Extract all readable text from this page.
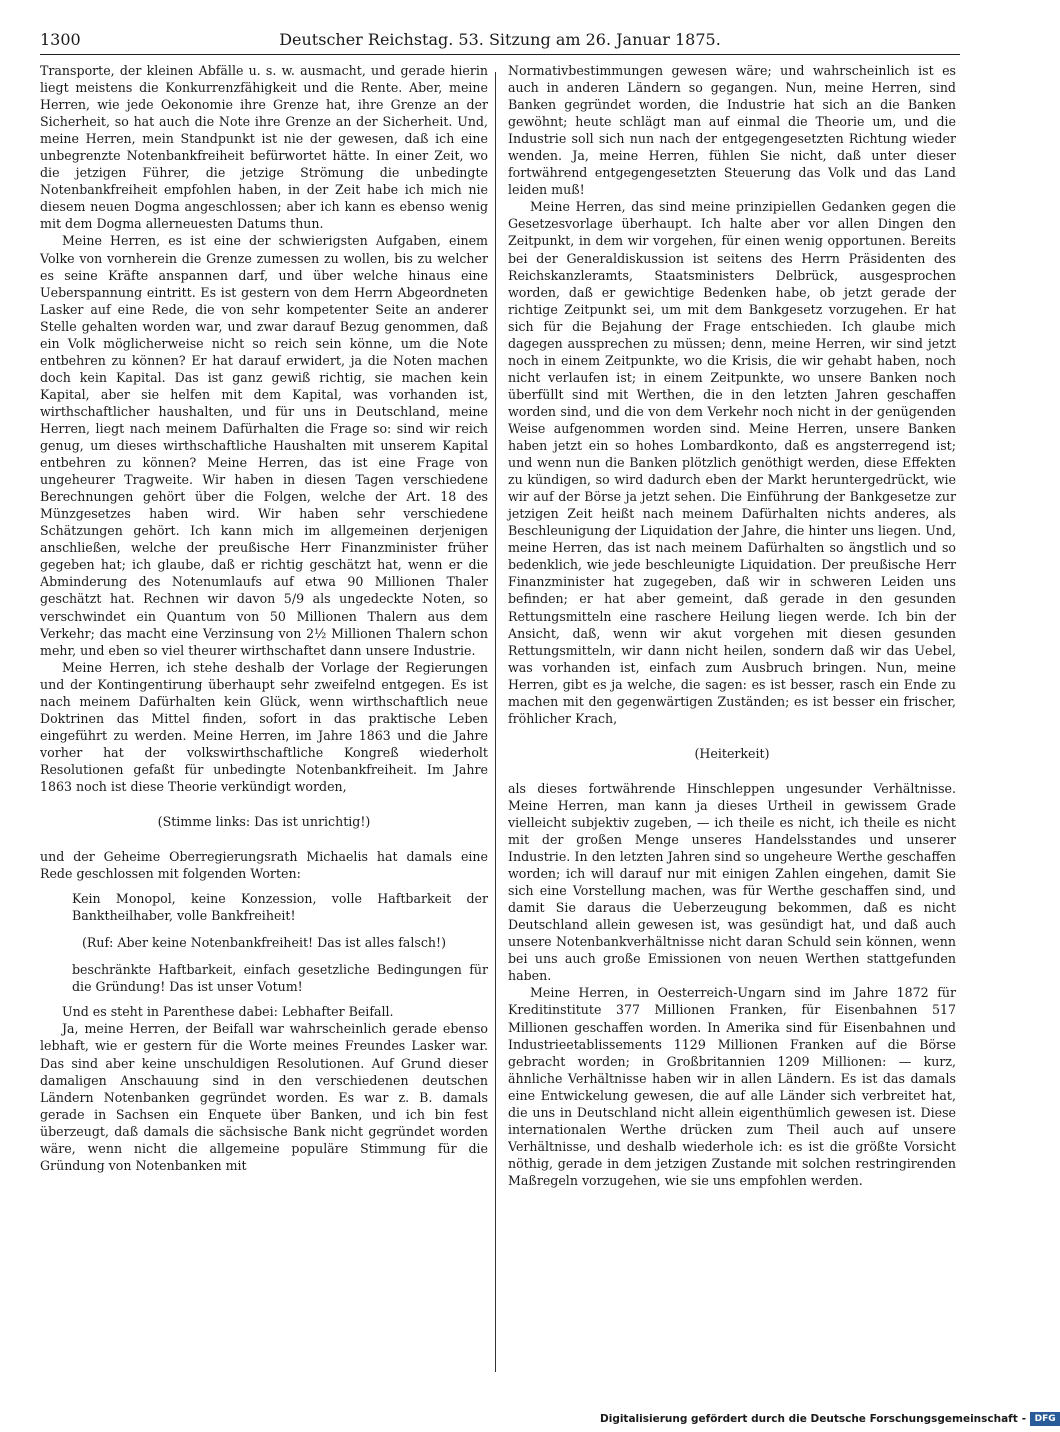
1300	Deutscher Reichstag. 53. Sitzung am 26. Januar 1875.

Transporte, der kleinen Abfälle u. s. w. ausmacht, und gerade hierin liegt meistens die Konkurrenzfähigkeit und die Rente. Aber, meine Herren, wie jede Oekonomie ihre Grenze hat, ihre Grenze an der Sicherheit, so hat auch die Note ihre Grenze an der Sicherheit. Und, meine Herren, mein Standpunkt ist nie der gewesen, daß ich eine unbegrenzte Notenbankfreiheit befürwortet hätte. In einer Zeit, wo die jetzigen Führer, die jetzige Strömung die unbedingte Notenbankfreiheit empfohlen haben, in der Zeit habe ich mich nie diesem neuen Dogma angeschlossen; aber ich kann es ebenso wenig mit dem Dogma allerneuesten Datums thun.

Meine Herren, es ist eine der schwierigsten Aufgaben, einem Volke von vornherein die Grenze zumessen zu wollen, bis zu welcher es seine Kräfte anspannen darf, und über welche hinaus eine Ueberspannung eintritt. Es ist gestern von dem Herrn Abgeordneten Lasker auf eine Rede, die von sehr kompetenter Seite an anderer Stelle gehalten worden war, und zwar darauf Bezug genommen, daß ein Volk möglicherweise nicht so reich sein könne, um die Note entbehren zu können? Er hat darauf erwidert, ja die Noten machen doch kein Kapital. Das ist ganz gewiß richtig, sie machen kein Kapital, aber sie helfen mit dem Kapital, was vorhanden ist, wirthschaftlicher haushalten, und für uns in Deutschland, meine Herren, liegt nach meinem Dafürhalten die Frage so: sind wir reich genug, um dieses wirthschaftliche Haushalten mit unserem Kapital entbehren zu können? Meine Herren, das ist eine Frage von ungeheurer Tragweite. Wir haben in diesen Tagen verschiedene Berechnungen gehört über die Folgen, welche der Art. 18 des Münzgesetzes haben wird. Wir haben sehr verschiedene Schätzungen gehört. Ich kann mich im allgemeinen derjenigen anschließen, welche der preußische Herr Finanzminister früher gegeben hat; ich glaube, daß er richtig geschätzt hat, wenn er die Abminderung des Notenumlaufs auf etwa 90 Millionen Thaler geschätzt hat. Rechnen wir davon 5/9 als ungedeckte Noten, so verschwindet ein Quantum von 50 Millionen Thalern aus dem Verkehr; das macht eine Verzinsung von 2½ Millionen Thalern schon mehr, und eben so viel theurer wirthschaftet dann unsere Industrie.

Meine Herren, ich stehe deshalb der Vorlage der Regierungen und der Kontingentirung überhaupt sehr zweifelnd entgegen. Es ist nach meinem Dafürhalten kein Glück, wenn wirthschaftlich neue Doktrinen das Mittel finden, sofort in das praktische Leben eingeführt zu werden. Meine Herren, im Jahre 1863 und die Jahre vorher hat der volkswirthschaftliche Kongreß wiederholt Resolutionen gefaßt für unbedingte Notenbankfreiheit. Im Jahre 1863 noch ist diese Theorie verkündigt worden,

(Stimme links: Das ist unrichtig!)

und der Geheime Oberregierungsrath Michaelis hat damals eine Rede geschlossen mit folgenden Worten:

Kein Monopol, keine Konzession, volle Haftbarkeit der Banktheilhaber, volle Bankfreiheit!

(Ruf: Aber keine Notenbankfreiheit! Das ist alles falsch!)

beschränkte Haftbarkeit, einfach gesetzliche Bedingungen für die Gründung! Das ist unser Votum!

Und es steht in Parenthese dabei: Lebhafter Beifall.

Ja, meine Herren, der Beifall war wahrscheinlich gerade ebenso lebhaft, wie er gestern für die Worte meines Freundes Lasker war. Das sind aber keine unschuldigen Resolutionen. Auf Grund dieser damaligen Anschauung sind in den verschiedenen deutschen Ländern Notenbanken gegründet worden. Es war z. B. damals gerade in Sachsen ein Enquete über Banken, und ich bin fest überzeugt, daß damals die sächsische Bank nicht gegründet worden wäre, wenn nicht die allgemeine populäre Stimmung für die Gründung von Notenbanken mit

Normativbestimmungen gewesen wäre; und wahrscheinlich ist es auch in anderen Ländern so gegangen. Nun, meine Herren, sind Banken gegründet worden, die Industrie hat sich an die Banken gewöhnt; heute schlägt man auf einmal die Theorie um, und die Industrie soll sich nun nach der entgegengesetzten Richtung wieder wenden. Ja, meine Herren, fühlen Sie nicht, daß unter dieser fortwährend entgegengesetzten Steuerung das Volk und das Land leiden muß!

Meine Herren, das sind meine prinzipiellen Gedanken gegen die Gesetzesvorlage überhaupt. Ich halte aber vor allen Dingen den Zeitpunkt, in dem wir vorgehen, für einen wenig opportunen. Bereits bei der Generaldiskussion ist seitens des Herrn Präsidenten des Reichskanzleramts, Staatsministers Delbrück, ausgesprochen worden, daß er gewichtige Bedenken habe, ob jetzt gerade der richtige Zeitpunkt sei, um mit dem Bankgesetz vorzugehen. Er hat sich für die Bejahung der Frage entschieden. Ich glaube mich dagegen aussprechen zu müssen; denn, meine Herren, wir sind jetzt noch in einem Zeitpunkte, wo die Krisis, die wir gehabt haben, noch nicht verlaufen ist; in einem Zeitpunkte, wo unsere Banken noch überfüllt sind mit Werthen, die in den letzten Jahren geschaffen worden sind, und die von dem Verkehr noch nicht in der genügenden Weise aufgenommen worden sind. Meine Herren, unsere Banken haben jetzt ein so hohes Lombardkonto, daß es angsterregend ist; und wenn nun die Banken plötzlich genöthigt werden, diese Effekten zu kündigen, so wird dadurch eben der Markt heruntergedrückt, wie wir auf der Börse ja jetzt sehen. Die Einführung der Bankgesetze zur jetzigen Zeit heißt nach meinem Dafürhalten nichts anderes, als Beschleunigung der Liquidation der Jahre, die hinter uns liegen. Und, meine Herren, das ist nach meinem Dafürhalten so ängstlich und so bedenklich, wie jede beschleunigte Liquidation. Der preußische Herr Finanzminister hat zugegeben, daß wir in schweren Leiden uns befinden; er hat aber gemeint, daß gerade in den gesunden Rettungsmitteln eine raschere Heilung liegen werde. Ich bin der Ansicht, daß, wenn wir akut vorgehen mit diesen gesunden Rettungsmitteln, wir dann nicht heilen, sondern daß wir das Uebel, was vorhanden ist, einfach zum Ausbruch bringen. Nun, meine Herren, gibt es ja welche, die sagen: es ist besser, rasch ein Ende zu machen mit den gegenwärtigen Zuständen; es ist besser ein frischer, fröhlicher Krach,

(Heiterkeit)

als dieses fortwährende Hinschleppen ungesunder Verhältnisse. Meine Herren, man kann ja dieses Urtheil in gewissem Grade vielleicht subjektiv zugeben, — ich theile es nicht, ich theile es nicht mit der großen Menge unseres Handelsstandes und unserer Industrie. In den letzten Jahren sind so ungeheure Werthe geschaffen worden; ich will darauf nur mit einigen Zahlen eingehen, damit Sie sich eine Vorstellung machen, was für Werthe geschaffen sind, und damit Sie daraus die Ueberzeugung bekommen, daß es nicht Deutschland allein gewesen ist, was gesündigt hat, und daß auch unsere Notenbankverhältnisse nicht daran Schuld sein können, wenn bei uns auch große Emissionen von neuen Werthen stattgefunden haben.

Meine Herren, in Oesterreich-Ungarn sind im Jahre 1872 für Kreditinstitute 377 Millionen Franken, für Eisenbahnen 517 Millionen geschaffen worden. In Amerika sind für Eisenbahnen und Industrieetablissements 1129 Millionen Franken auf die Börse gebracht worden; in Großbritannien 1209 Millionen: — kurz, ähnliche Verhältnisse haben wir in allen Ländern. Es ist das damals eine Entwickelung gewesen, die auf alle Länder sich verbreitet hat, die uns in Deutschland nicht allein eigenthümlich gewesen ist. Diese internationalen Werthe drücken zum Theil auch auf unsere Verhältnisse, und deshalb wiederhole ich: es ist die größte Vorsicht nöthig, gerade in dem jetzigen Zustande mit solchen restringirenden Maßregeln vorzugehen, wie sie uns empfohlen werden.

Digitalisierung gefördert durch die Deutsche Forschungsgemeinschaft - DFG
